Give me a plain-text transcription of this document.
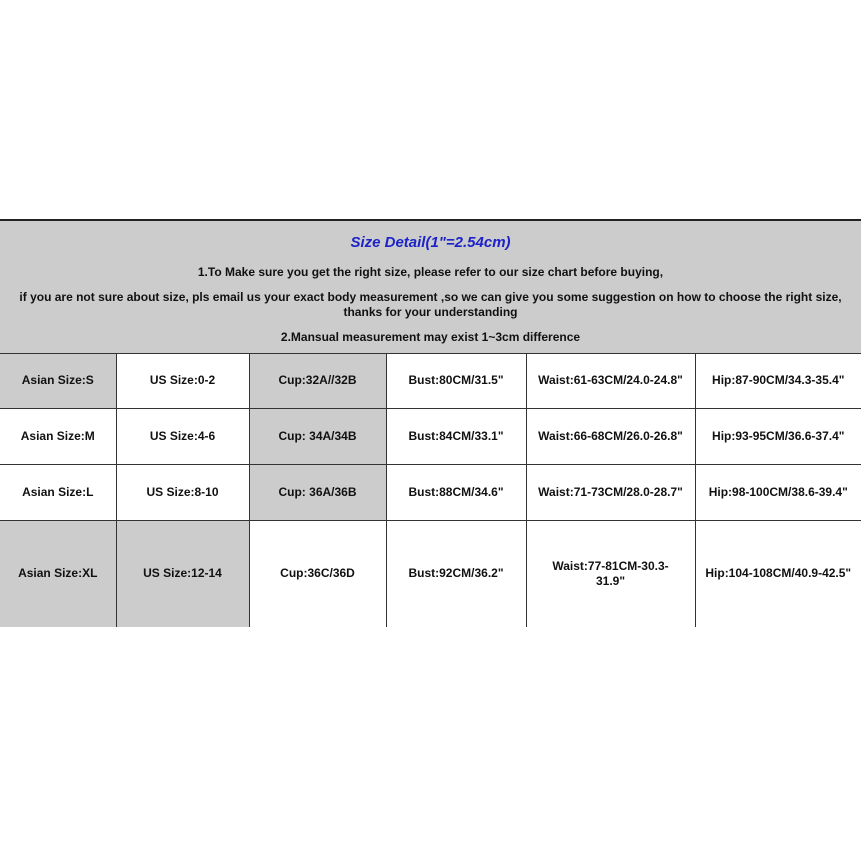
Size Detail(1"=2.54cm)
1.To Make sure you get the right size, please refer to our size chart before buying,
if you are not sure about size, pls email us your exact body measurement ,so we can give you some suggestion on how to choose the right size, thanks for your understanding
2.Mansual measurement may exist 1~3cm difference
Asian Size:S	US Size:0-2	Cup:32A//32B	Bust:80CM/31.5"	Waist:61-63CM/24.0-24.8"	Hip:87-90CM/34.3-35.4"
Asian Size:M	US Size:4-6	Cup: 34A/34B	Bust:84CM/33.1"	Waist:66-68CM/26.0-26.8"	Hip:93-95CM/36.6-37.4"
Asian Size:L	US Size:8-10	Cup: 36A/36B	Bust:88CM/34.6"	Waist:71-73CM/28.0-28.7"	Hip:98-100CM/38.6-39.4"
Asian Size:XL	US Size:12-14	Cup:36C/36D	Bust:92CM/36.2"	Waist:77-81CM-30.3-31.9"	Hip:104-108CM/40.9-42.5"
